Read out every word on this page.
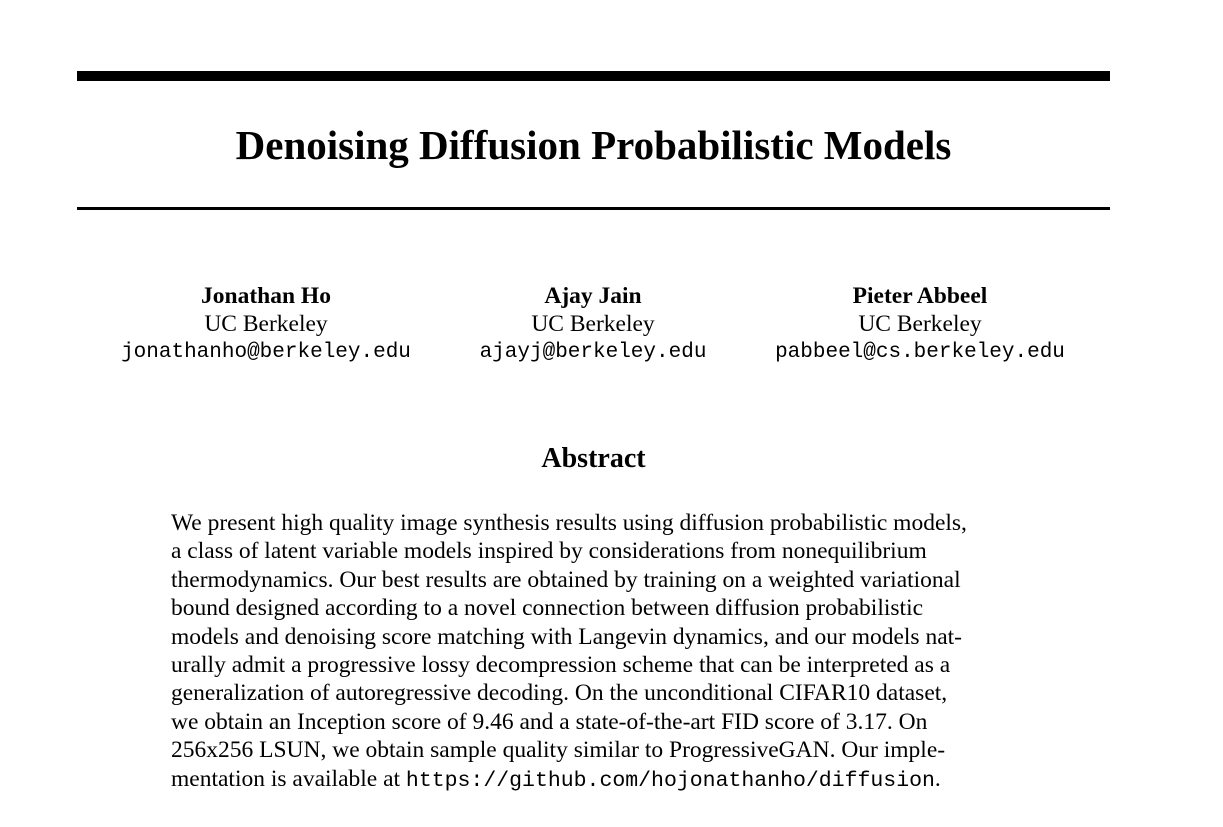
Denoising Diffusion Probabilistic Models
Jonathan Ho
UC Berkeley
jonathanho@berkeley.edu
Ajay Jain
UC Berkeley
ajayj@berkeley.edu
Pieter Abbeel
UC Berkeley
pabbeel@cs.berkeley.edu
Abstract
We present high quality image synthesis results using diffusion probabilistic models,
a class of latent variable models inspired by considerations from nonequilibrium
thermodynamics. Our best results are obtained by training on a weighted variational
bound designed according to a novel connection between diffusion probabilistic
models and denoising score matching with Langevin dynamics, and our models nat-
urally admit a progressive lossy decompression scheme that can be interpreted as a
generalization of autoregressive decoding. On the unconditional CIFAR10 dataset,
we obtain an Inception score of 9.46 and a state-of-the-art FID score of 3.17. On
256x256 LSUN, we obtain sample quality similar to ProgressiveGAN. Our imple-
mentation is available at https://github.com/hojonathanho/diffusion.
